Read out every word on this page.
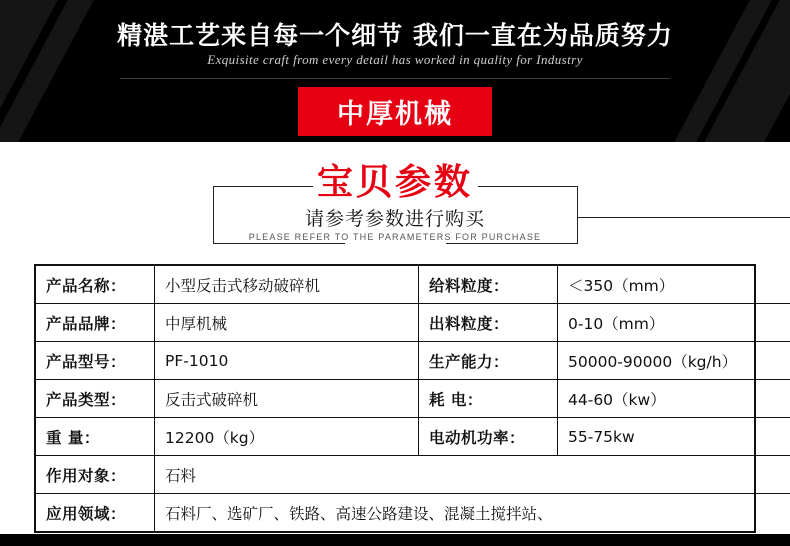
精湛工艺来自每一个细节 我们一直在为品质努力
Exquisite craft from every detail has worked in quality for Industry
中厚机械
宝贝参数
请参考参数进行购买
PLEASE REFER TO THE PARAMETERS FOR PURCHASE
产品名称：	小型反击式移动破碎机	给料粒度：	＜350（mm）
产品品牌：	中厚机械	出料粒度：	0-10（mm）
产品型号：	PF-1010	生产能力：	50000-90000（kg/h）
产品类型：	反击式破碎机	耗 电：	44-60（kw）
重 量：	12200（kg）	电动机功率：	55-75kw
作用对象：	石料		
应用领域：	石料厂、选矿厂、铁路、高速公路建设、混凝土搅拌站、		
